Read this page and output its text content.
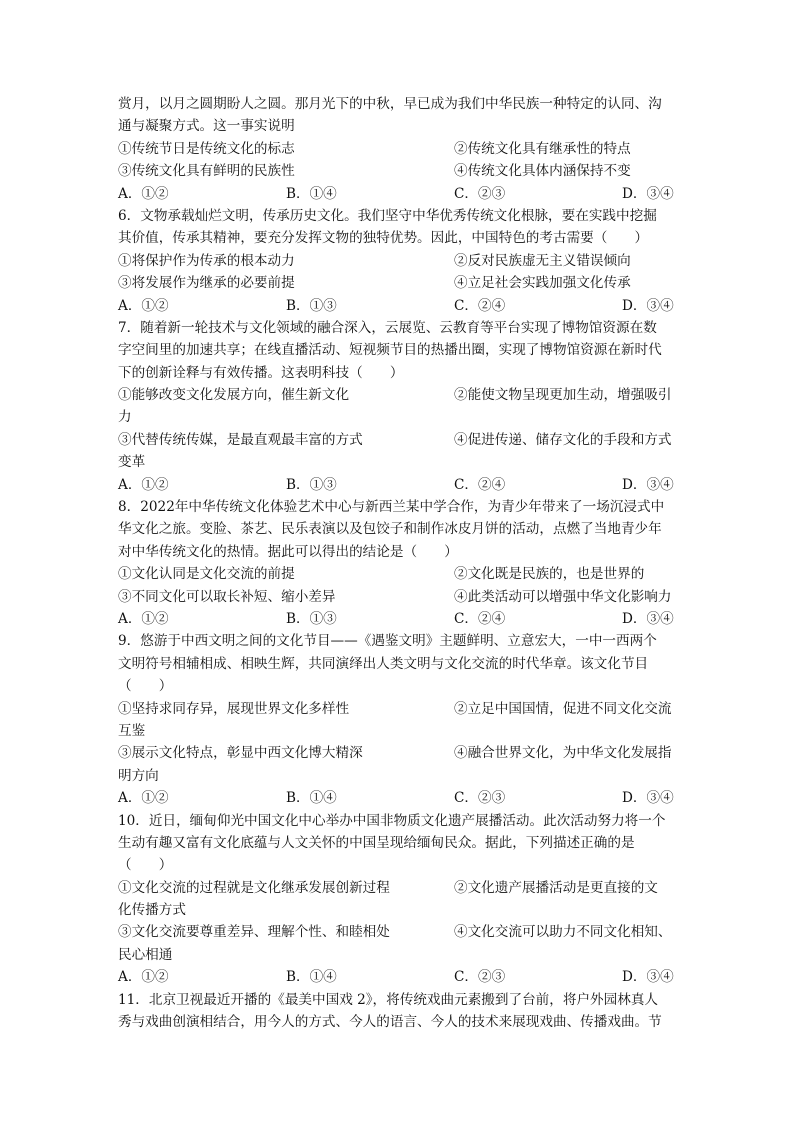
赏月，以月之圆期盼人之圆。那月光下的中秋，早已成为我们中华民族一种特定的认同、沟
通与凝聚方式。这一事实说明
①传统节日是传统文化的标志	②传统文化具有继承性的特点
③传统文化具有鲜明的民族性	④传统文化具体内涵保持不变
A．①②	B．①④	C．②③	D．③④
6．文物承载灿烂文明，传承历史文化。我们坚守中华优秀传统文化根脉，要在实践中挖掘
其价值，传承其精神，要充分发挥文物的独特优势。因此，中国特色的考古需要（　　）
①将保护作为传承的根本动力	②反对民族虚无主义错误倾向
③将发展作为继承的必要前提	④立足社会实践加强文化传承
A．①②	B．①③	C．②④	D．③④
7．随着新一轮技术与文化领域的融合深入，云展览、云教育等平台实现了博物馆资源在数
字空间里的加速共享；在线直播活动、短视频节目的热播出圈，实现了博物馆资源在新时代
下的创新诠释与有效传播。这表明科技（　　）
①能够改变文化发展方向，催生新文化	②能使文物呈现更加生动，增强吸引
力
③代替传统传媒，是最直观最丰富的方式	④促进传递、储存文化的手段和方式
变革
A．①②	B．①③	C．②④	D．③④
8．2022年中华传统文化体验艺术中心与新西兰某中学合作，为青少年带来了一场沉浸式中
华文化之旅。变脸、茶艺、民乐表演以及包饺子和制作冰皮月饼的活动，点燃了当地青少年
对中华传统文化的热情。据此可以得出的结论是（　　）
①文化认同是文化交流的前提	②文化既是民族的，也是世界的
③不同文化可以取长补短、缩小差异	④此类活动可以增强中华文化影响力
A．①②	B．①③	C．②④	D．③④
9．悠游于中西文明之间的文化节目——《遇鉴文明》主题鲜明、立意宏大，一中一西两个
文明符号相辅相成、相映生辉，共同演绎出人类文明与文化交流的时代华章。该文化节目
（　　）
①坚持求同存异，展现世界文化多样性	②立足中国国情，促进不同文化交流
互鉴
③展示文化特点，彰显中西文化博大精深	④融合世界文化，为中华文化发展指
明方向
A．①②	B．①④	C．②③	D．③④
10．近日，缅甸仰光中国文化中心举办中国非物质文化遗产展播活动。此次活动努力将一个
生动有趣又富有文化底蕴与人文关怀的中国呈现给缅甸民众。据此，下列描述正确的是
（　　）
①文化交流的过程就是文化继承发展创新过程	②文化遗产展播活动是更直接的文
化传播方式
③文化交流要尊重差异、理解个性、和睦相处	④文化交流可以助力不同文化相知、
民心相通
A．①②	B．①④	C．②③	D．③④
11．北京卫视最近开播的《最美中国戏 2》，将传统戏曲元素搬到了台前，将户外园林真人
秀与戏曲创演相结合，用今人的方式、今人的语言、今人的技术来展现戏曲、传播戏曲。节
